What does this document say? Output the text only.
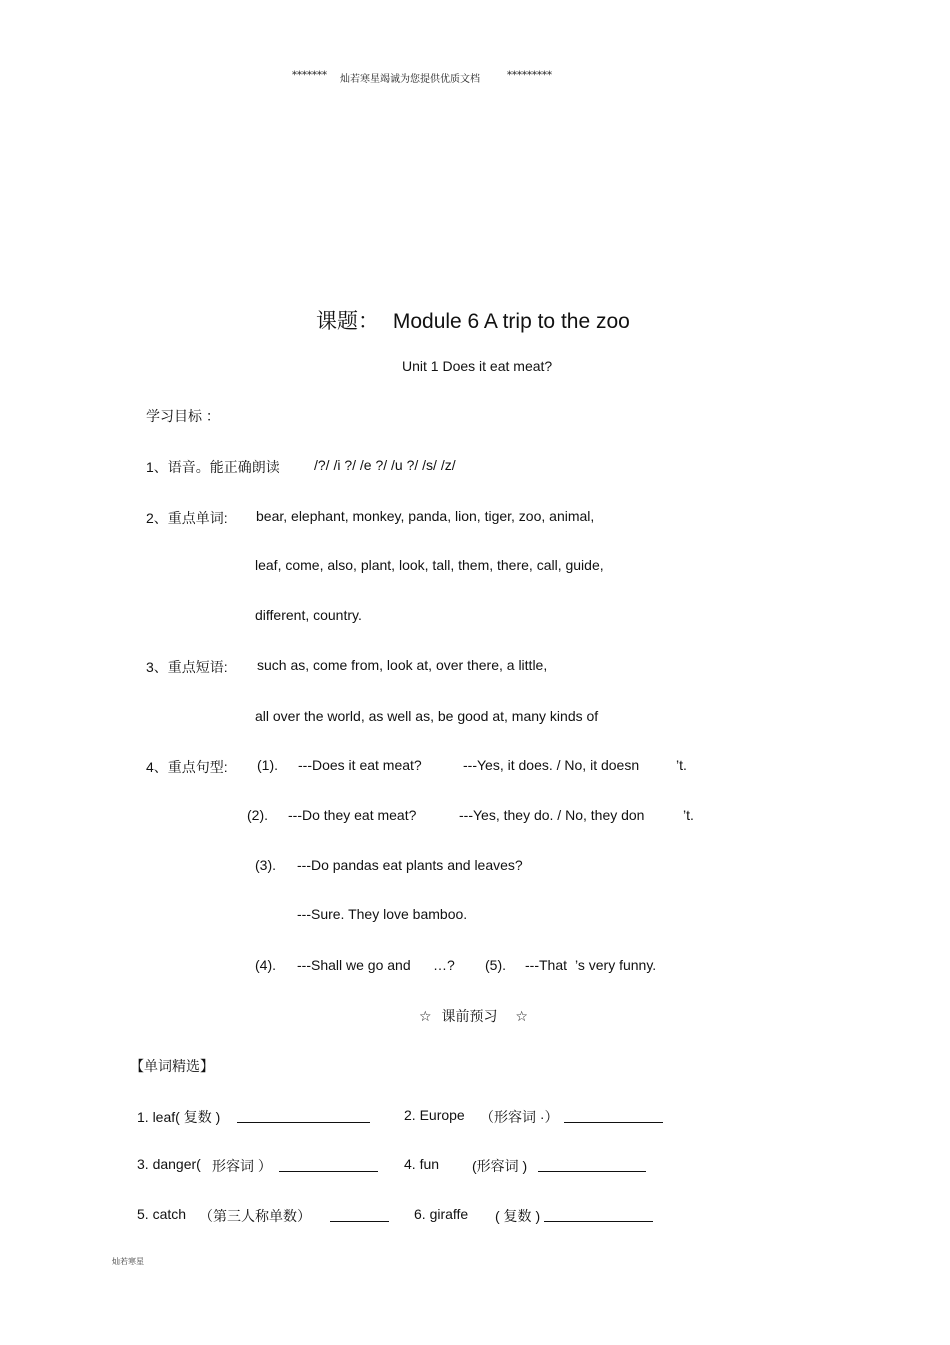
******* 灿若寒星竭诚为您提供优质文档	*********
课题： Module 6 A trip to the zoo
Unit 1 Does it eat meat?
学习目标 ：
1、语音。能正确朗读 /?/ /i ?/ /e ?/ /u ?/ /s/ /z/
2、重点单词: bear, elephant, monkey, panda, lion, tiger, zoo, animal,
leaf, come, also, plant, look, tall, them, there, call, guide,
different, country.
3、重点短语: such as, come from, look at, over there, a little,
all over the world, as well as, be good at, many kinds of
4、重点句型: (1). ---Does it eat meat?	---Yes, it does. / No, it doesn	’t.
(2). ---Do they eat meat?	---Yes, they do. / No, they don	’t.
(3). ---Do pandas eat plants and leaves?
---Sure. They love bamboo.
(4). ---Shall we go and …? (5). ---That ’s very funny.
☆ 课前预习 ☆
【单词精选】
1. leaf( 复数 )	2. Europe （形容词 ·）
3. danger( 形容词 ）	4. fun (形容词 )
5. catch （第三人称单数）	6. giraffe ( 复数 )
灿若寒星
